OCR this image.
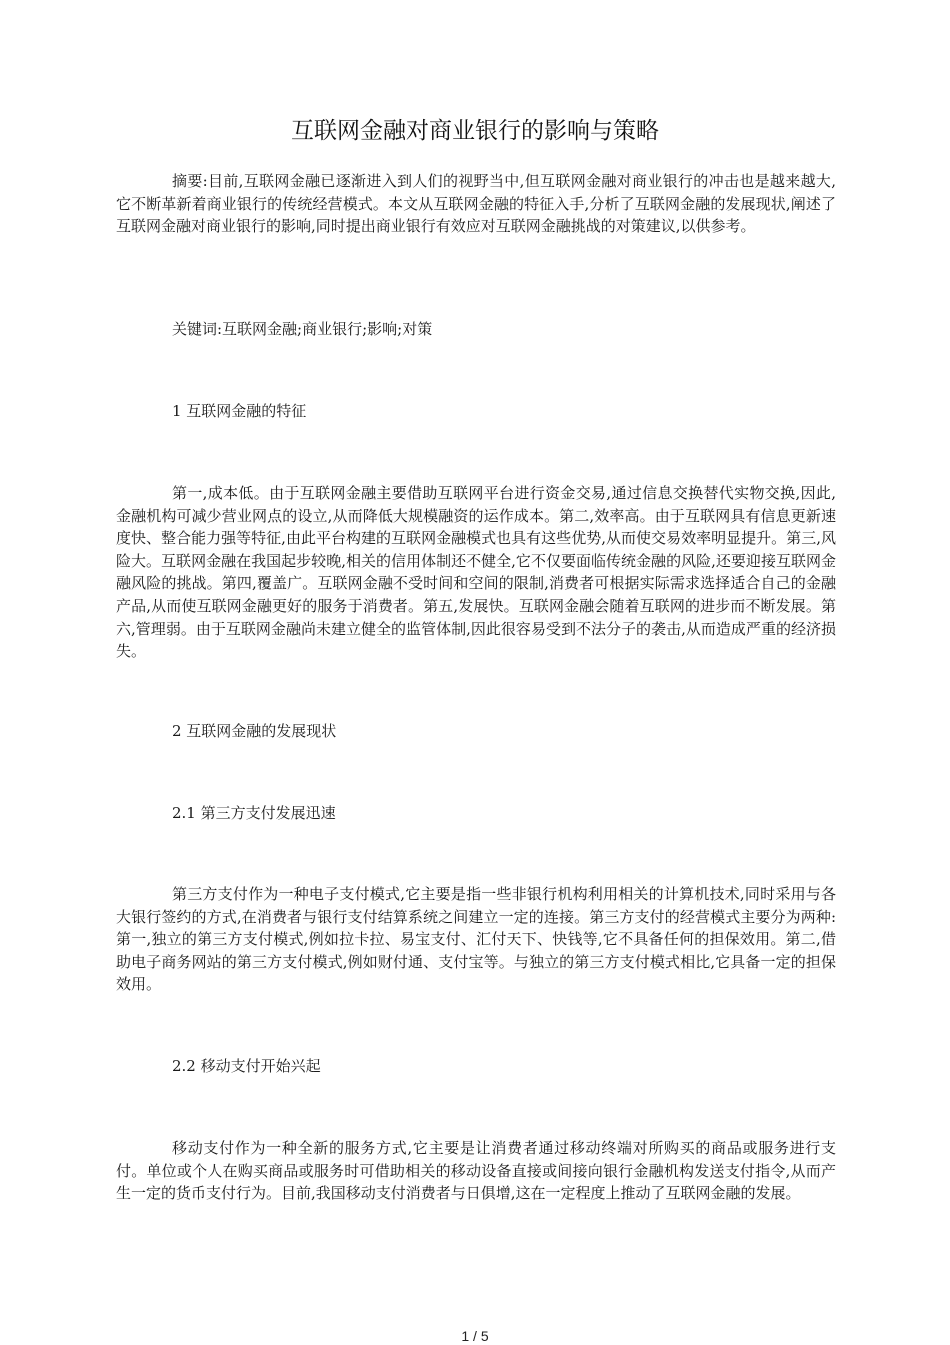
互联网金融对商业银行的影响与策略

摘要:目前,互联网金融已逐渐进入到人们的视野当中,但互联网金融对商业银行的冲击也是越来越大,它不断革新着商业银行的传统经营模式。本文从互联网金融的特征入手,分析了互联网金融的发展现状,阐述了互联网金融对商业银行的影响,同时提出商业银行有效应对互联网金融挑战的对策建议,以供参考。

关键词:互联网金融;商业银行;影响;对策

1 互联网金融的特征

第一,成本低。由于互联网金融主要借助互联网平台进行资金交易,通过信息交换替代实物交换,因此,金融机构可减少营业网点的设立,从而降低大规模融资的运作成本。第二,效率高。由于互联网具有信息更新速度快、整合能力强等特征,由此平台构建的互联网金融模式也具有这些优势,从而使交易效率明显提升。第三,风险大。互联网金融在我国起步较晚,相关的信用体制还不健全,它不仅要面临传统金融的风险,还要迎接互联网金融风险的挑战。第四,覆盖广。互联网金融不受时间和空间的限制,消费者可根据实际需求选择适合自己的金融产品,从而使互联网金融更好的服务于消费者。第五,发展快。互联网金融会随着互联网的进步而不断发展。第六,管理弱。由于互联网金融尚未建立健全的监管体制,因此很容易受到不法分子的袭击,从而造成严重的经济损失。

2 互联网金融的发展现状

2.1 第三方支付发展迅速

第三方支付作为一种电子支付模式,它主要是指一些非银行机构利用相关的计算机技术,同时采用与各大银行签约的方式,在消费者与银行支付结算系统之间建立一定的连接。第三方支付的经营模式主要分为两种:第一,独立的第三方支付模式,例如拉卡拉、易宝支付、汇付天下、快钱等,它不具备任何的担保效用。第二,借助电子商务网站的第三方支付模式,例如财付通、支付宝等。与独立的第三方支付模式相比,它具备一定的担保效用。

2.2 移动支付开始兴起

移动支付作为一种全新的服务方式,它主要是让消费者通过移动终端对所购买的商品或服务进行支付。单位或个人在购买商品或服务时可借助相关的移动设备直接或间接向银行金融机构发送支付指令,从而产生一定的货币支付行为。目前,我国移动支付消费者与日俱增,这在一定程度上推动了互联网金融的发展。

1 / 5
